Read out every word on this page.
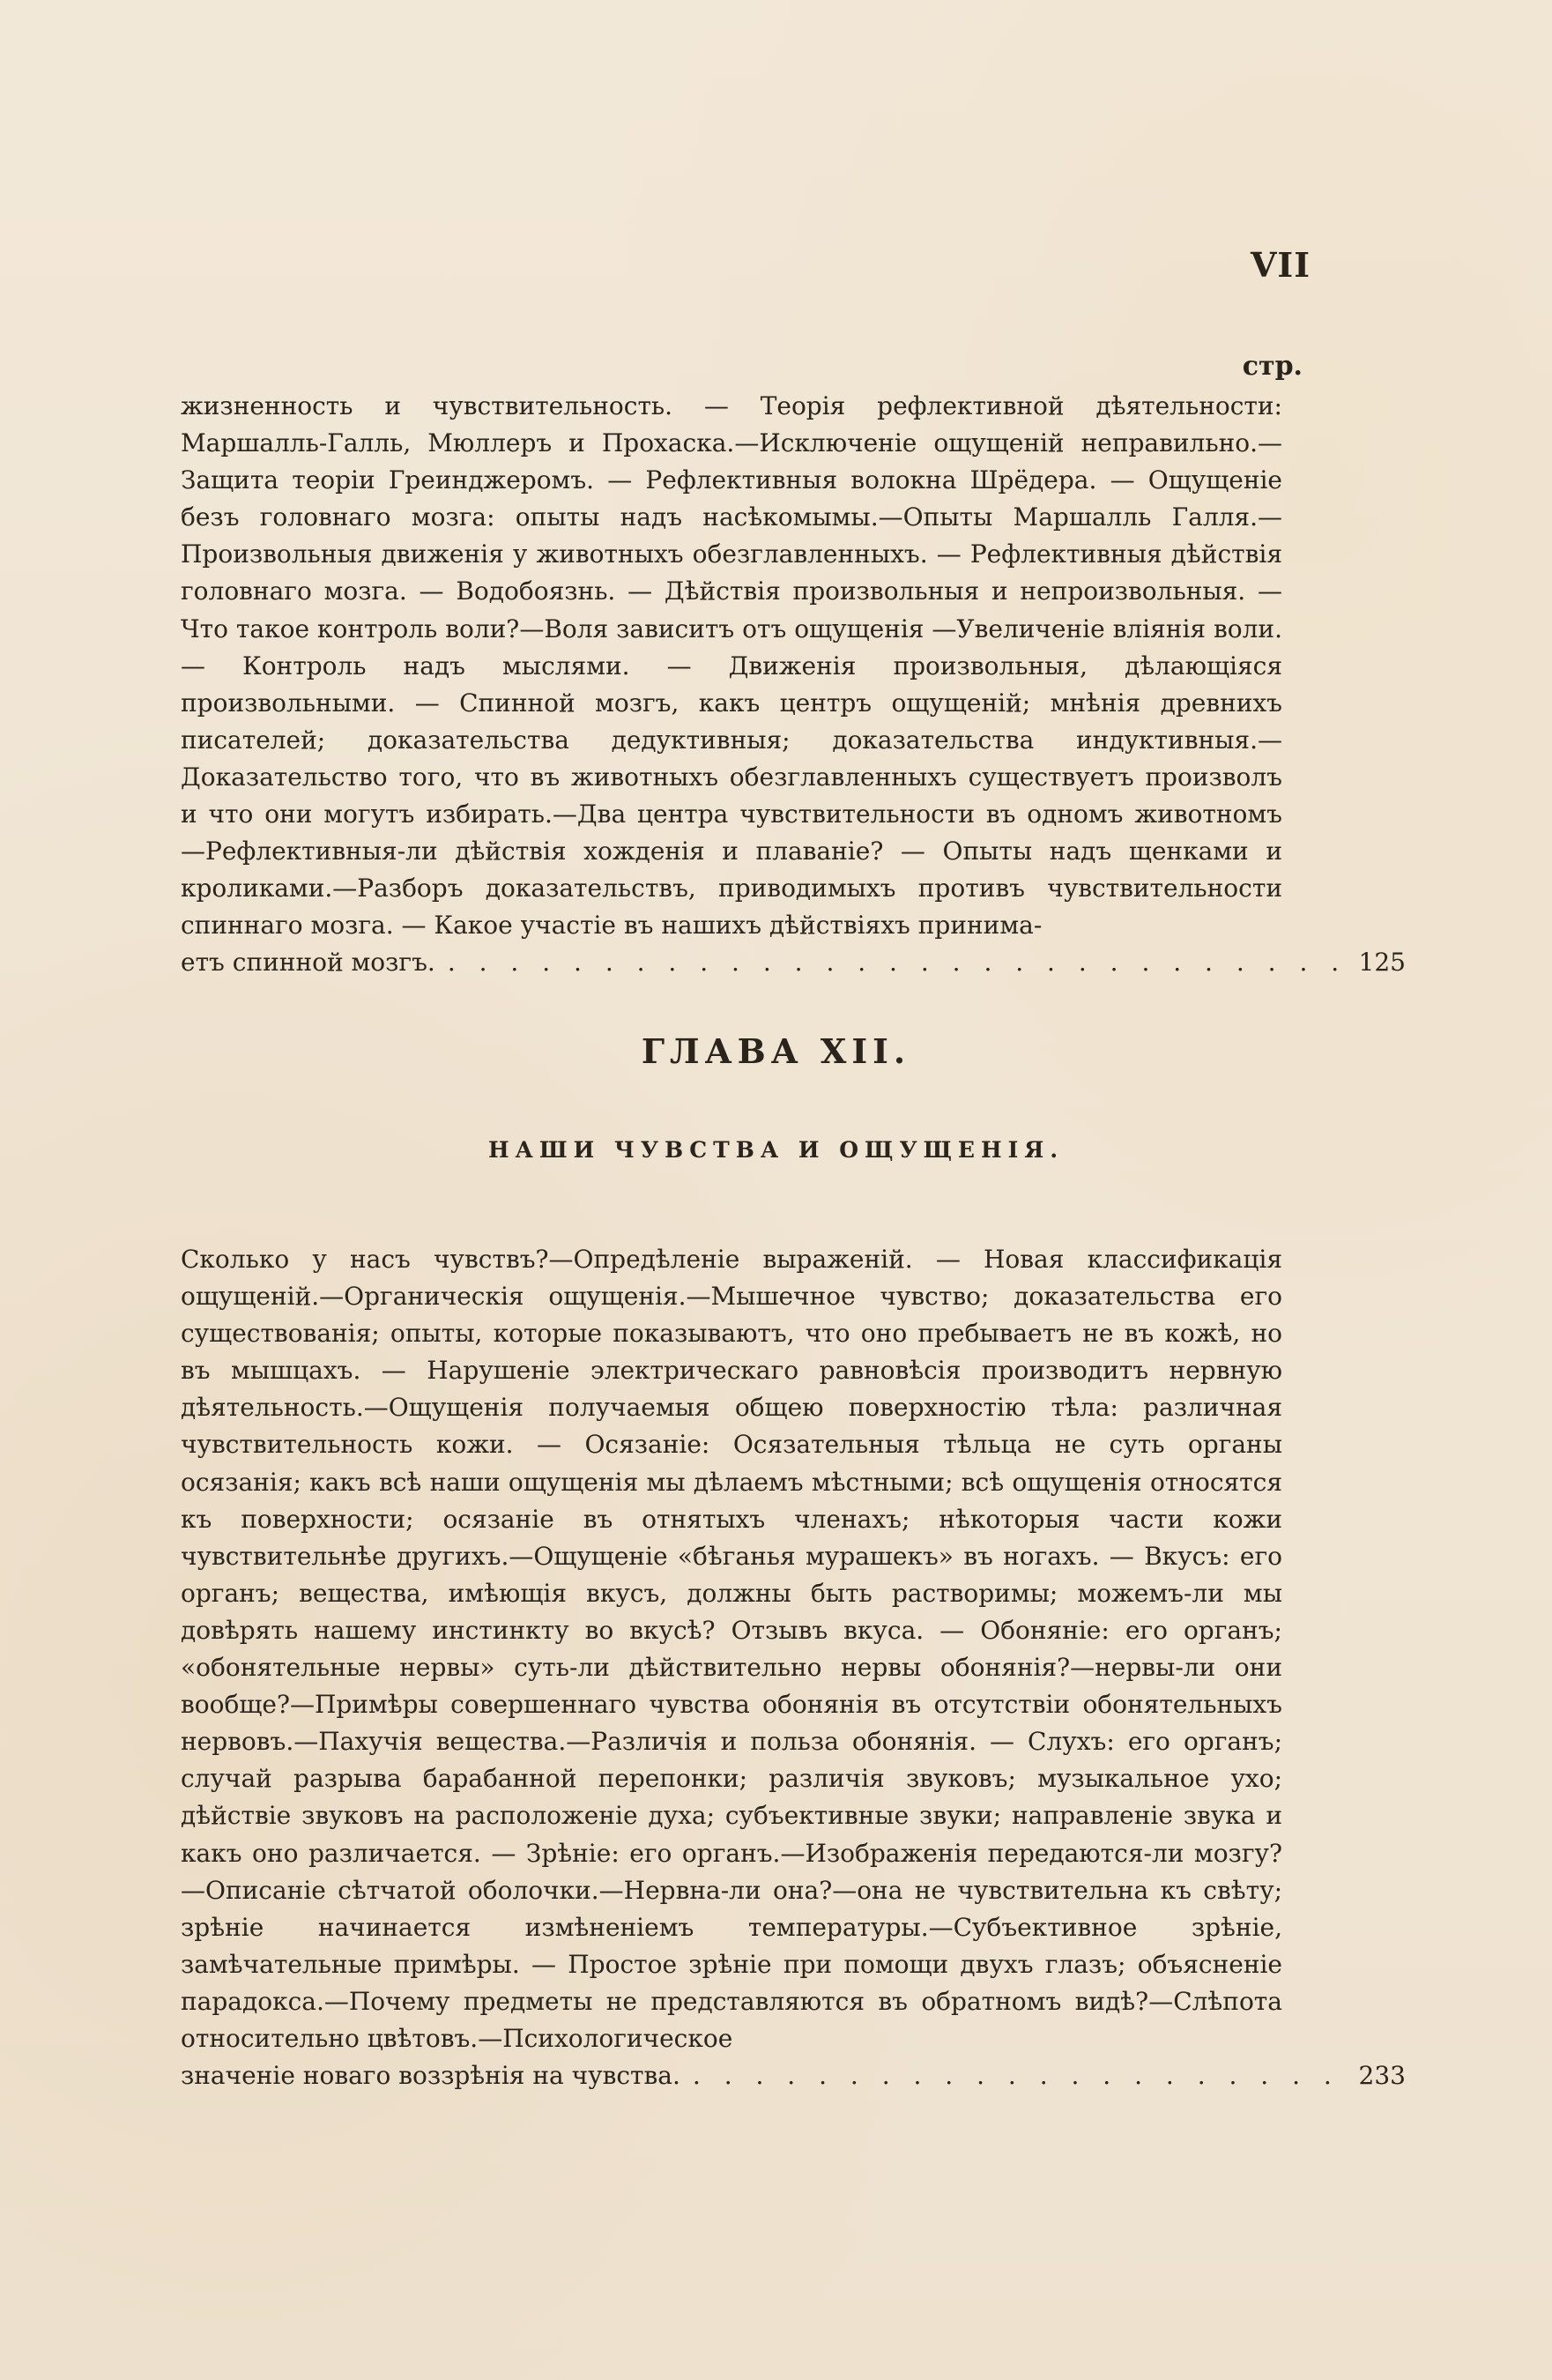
VII
стр.

жизненность и чувствительность. — Теорія рефлективной дѣятельности: Маршалль-Галль, Мюллеръ и Прохаска.—Исключеніе ощущеній неправильно.—Защита теоріи Греинджеромъ. — Рефлективныя волокна Шрёдера. — Ощущеніе безъ головнаго мозга: опыты надъ насѣкомымы.—Опыты Маршалль Галля.—Произвольныя движенія у животныхъ обезглавленныхъ. — Рефлективныя дѣйствія головнаго мозга. — Водобоязнь. — Дѣйствія произвольныя и непроизвольныя. — Что такое контроль воли?—Воля зависитъ отъ ощущенія —Увеличеніе вліянія воли. — Контроль надъ мыслями. — Движенія произвольныя, дѣлающіяся произвольными. — Спинной мозгъ, какъ центръ ощущеній; мнѣнія древнихъ писателей; доказательства дедуктивныя; доказательства индуктивныя.—Доказательство того, что въ животныхъ обезглавленныхъ существуетъ произволъ и что они могутъ избирать.—Два центра чувствительности въ одномъ животномъ —Рефлективныя-ли дѣйствія хожденія и плаваніе? — Опыты надъ щенками и кроликами.—Разборъ доказательствъ, приводимыхъ противъ чувствительности спиннаго мозга. — Какое участіе въ нашихъ дѣйствіяхъ принима-

етъ спинной мозгъ. . . .	125
ГЛАВА XII.
НАШИ ЧУВСТВА И ОЩУЩЕНІЯ.

Сколько у насъ чувствъ?—Опредѣленіе выраженій. — Новая классификація ощущеній.—Органическія ощущенія.—Мышечное чувство; доказательства его существованія; опыты, которые показываютъ, что оно пребываетъ не въ кожѣ, но въ мышцахъ. — Нарушеніе электрическаго равновѣсія производитъ нервную дѣятельность.—Ощущенія получаемыя общею поверхностію тѣла: различная чувствительность кожи. — Осязаніе: Осязательныя тѣльца не суть органы осязанія; какъ всѣ наши ощущенія мы дѣлаемъ мѣстными; всѣ ощущенія относятся къ поверхности; осязаніе въ отнятыхъ членахъ; нѣкоторыя части кожи чувствительнѣе другихъ.—Ощущеніе «бѣганья мурашекъ» въ ногахъ. — Вкусъ: его органъ; вещества, имѣющія вкусъ, должны быть растворимы; можемъ-ли мы довѣрять нашему инстинкту во вкусѣ? Отзывъ вкуса. — Обоняніе: его органъ; «обонятельные нервы» суть-ли дѣйствительно нервы обонянія?—нервы-ли они вообще?—Примѣры совершеннаго чувства обонянія въ отсутствіи обонятельныхъ нервовъ.—Пахучія вещества.—Различія и польза обонянія. — Слухъ: его органъ; случай разрыва барабанной перепонки; различія звуковъ; музыкальное ухо; дѣйствіе звуковъ на расположеніе духа; субъективные звуки; направленіе звука и какъ оно различается. — Зрѣніе: его органъ.—Изображенія передаются-ли мозгу?—Описаніе сѣтчатой оболочки.—Нервна-ли она?—она не чувствительна къ свѣту; зрѣніе начинается измѣненіемъ температуры.—Субъективное зрѣніе, замѣчательные примѣры. — Простое зрѣніе при помощи двухъ глазъ; объясненіе парадокса.—Почему предметы не представляются въ обратномъ видѣ?—Слѣпота относительно цвѣтовъ.—Психологическое

значеніе новаго воззрѣнія на чувства. . . .	233
